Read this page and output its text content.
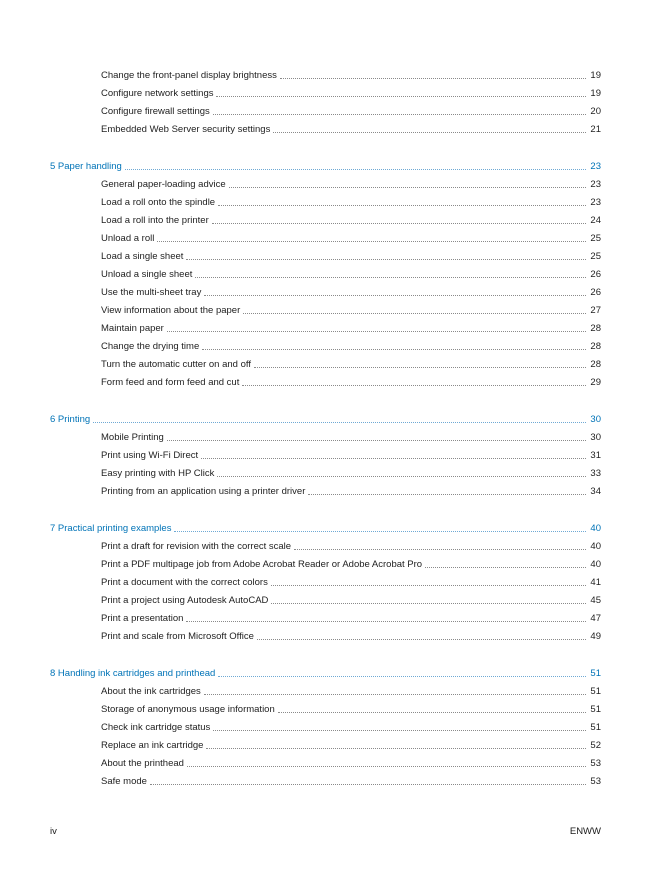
Change the front-panel display brightness	19
Configure network settings	19
Configure firewall settings	20
Embedded Web Server security settings	21
5 Paper handling	23
General paper-loading advice	23
Load a roll onto the spindle	23
Load a roll into the printer	24
Unload a roll	25
Load a single sheet	25
Unload a single sheet	26
Use the multi-sheet tray	26
View information about the paper	27
Maintain paper	28
Change the drying time	28
Turn the automatic cutter on and off	28
Form feed and form feed and cut	29
6 Printing	30
Mobile Printing	30
Print using Wi-Fi Direct	31
Easy printing with HP Click	33
Printing from an application using a printer driver	34
7 Practical printing examples	40
Print a draft for revision with the correct scale	40
Print a PDF multipage job from Adobe Acrobat Reader or Adobe Acrobat Pro	40
Print a document with the correct colors	41
Print a project using Autodesk AutoCAD	45
Print a presentation	47
Print and scale from Microsoft Office	49
8 Handling ink cartridges and printhead	51
About the ink cartridges	51
Storage of anonymous usage information	51
Check ink cartridge status	51
Replace an ink cartridge	52
About the printhead	53
Safe mode	53
iv	ENWW
